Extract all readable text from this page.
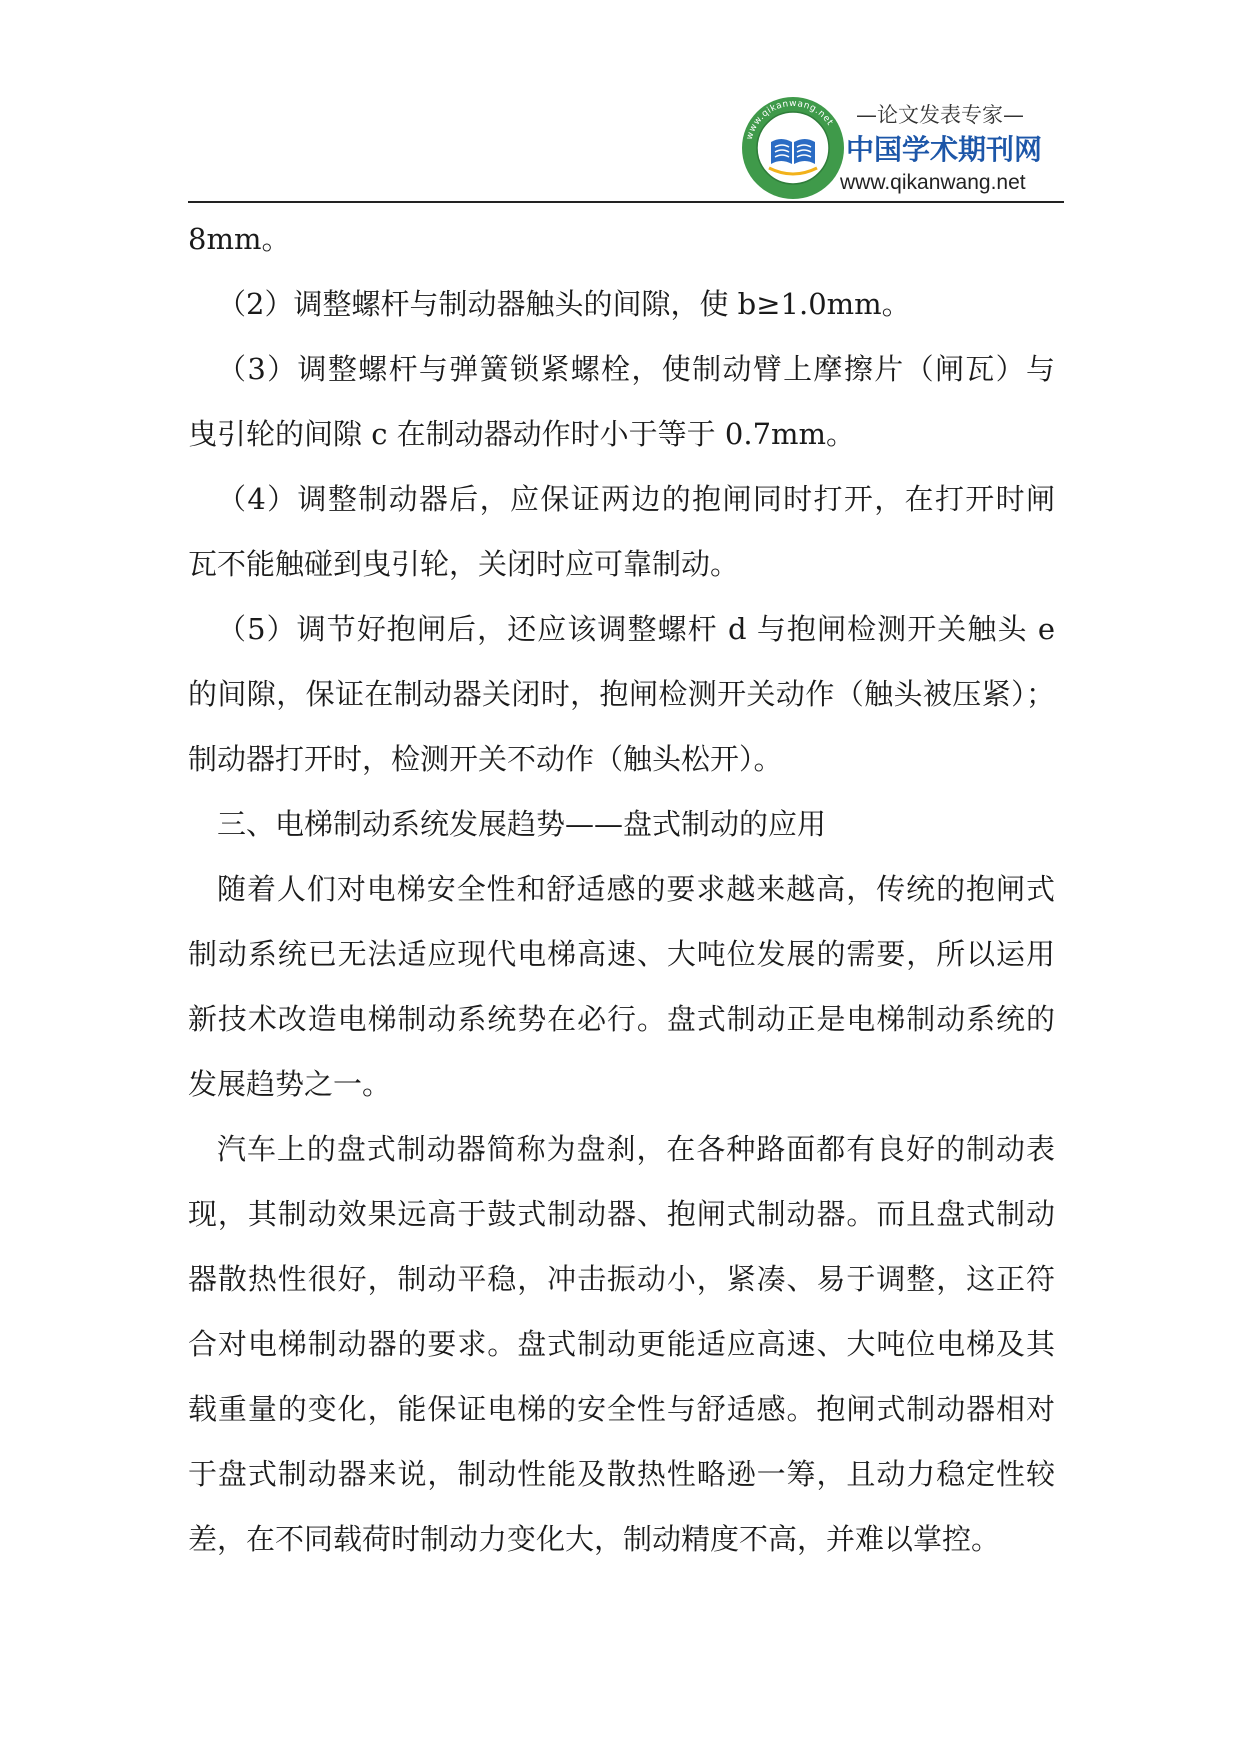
www.qikanwang.net —论文发表专家—
中国学术期刊网
www.qikanwang.net
8mm。
（2）调整螺杆与制动器触头的间隙，使 b≥1.0mm。
（3）调整螺杆与弹簧锁紧螺栓，使制动臂上摩擦片（闸瓦）与
曳引轮的间隙 c 在制动器动作时小于等于 0.7mm。
（4）调整制动器后，应保证两边的抱闸同时打开，在打开时闸
瓦不能触碰到曳引轮，关闭时应可靠制动。
（5）调节好抱闸后，还应该调整螺杆 d 与抱闸检测开关触头 e
的间隙，保证在制动器关闭时，抱闸检测开关动作（触头被压紧）；
制动器打开时，检测开关不动作（触头松开）。
三、电梯制动系统发展趋势——盘式制动的应用
随着人们对电梯安全性和舒适感的要求越来越高，传统的抱闸式
制动系统已无法适应现代电梯高速、大吨位发展的需要，所以运用
新技术改造电梯制动系统势在必行。盘式制动正是电梯制动系统的
发展趋势之一。
汽车上的盘式制动器简称为盘刹，在各种路面都有良好的制动表
现，其制动效果远高于鼓式制动器、抱闸式制动器。而且盘式制动
器散热性很好，制动平稳，冲击振动小，紧凑、易于调整，这正符
合对电梯制动器的要求。盘式制动更能适应高速、大吨位电梯及其
载重量的变化，能保证电梯的安全性与舒适感。抱闸式制动器相对
于盘式制动器来说，制动性能及散热性略逊一筹，且动力稳定性较
差，在不同载荷时制动力变化大，制动精度不高，并难以掌控。
